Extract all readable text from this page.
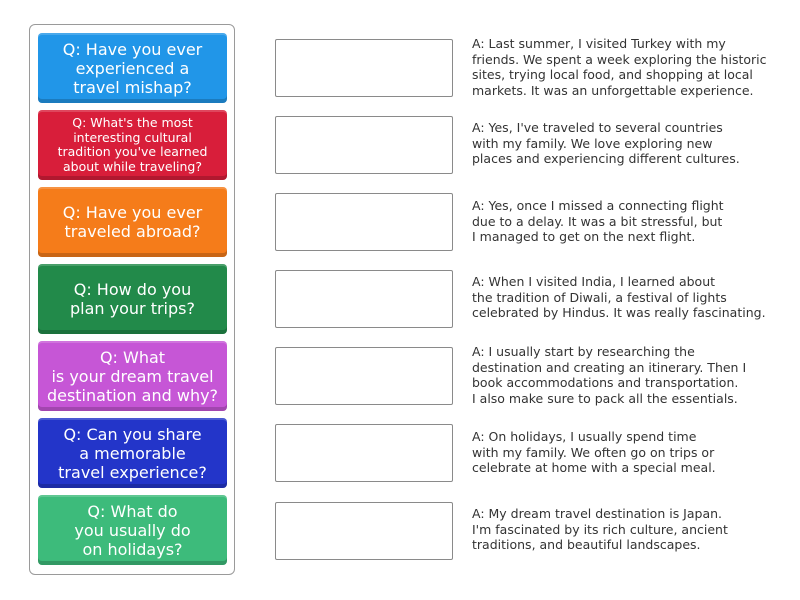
Q: Have you ever
experienced a
travel mishap?
Q: What's the most
interesting cultural
tradition you've learned
about while traveling?
Q: Have you ever
traveled abroad?
Q: How do you
plan your trips?
Q: What
is your dream travel
destination and why?
Q: Can you share
a memorable
travel experience?
Q: What do
you usually do
on holidays?
A: Last summer, I visited Turkey with my
friends. We spent a week exploring the historic
sites, trying local food, and shopping at local
markets. It was an unforgettable experience.
A: Yes, I've traveled to several countries
with my family. We love exploring new
places and experiencing different cultures.
A: Yes, once I missed a connecting flight
due to a delay. It was a bit stressful, but
I managed to get on the next flight.
A: When I visited India, I learned about
the tradition of Diwali, a festival of lights
celebrated by Hindus. It was really fascinating.
A: I usually start by researching the
destination and creating an itinerary. Then I
book accommodations and transportation.
I also make sure to pack all the essentials.
A: On holidays, I usually spend time
with my family. We often go on trips or
celebrate at home with a special meal.
A: My dream travel destination is Japan.
I'm fascinated by its rich culture, ancient
traditions, and beautiful landscapes.
